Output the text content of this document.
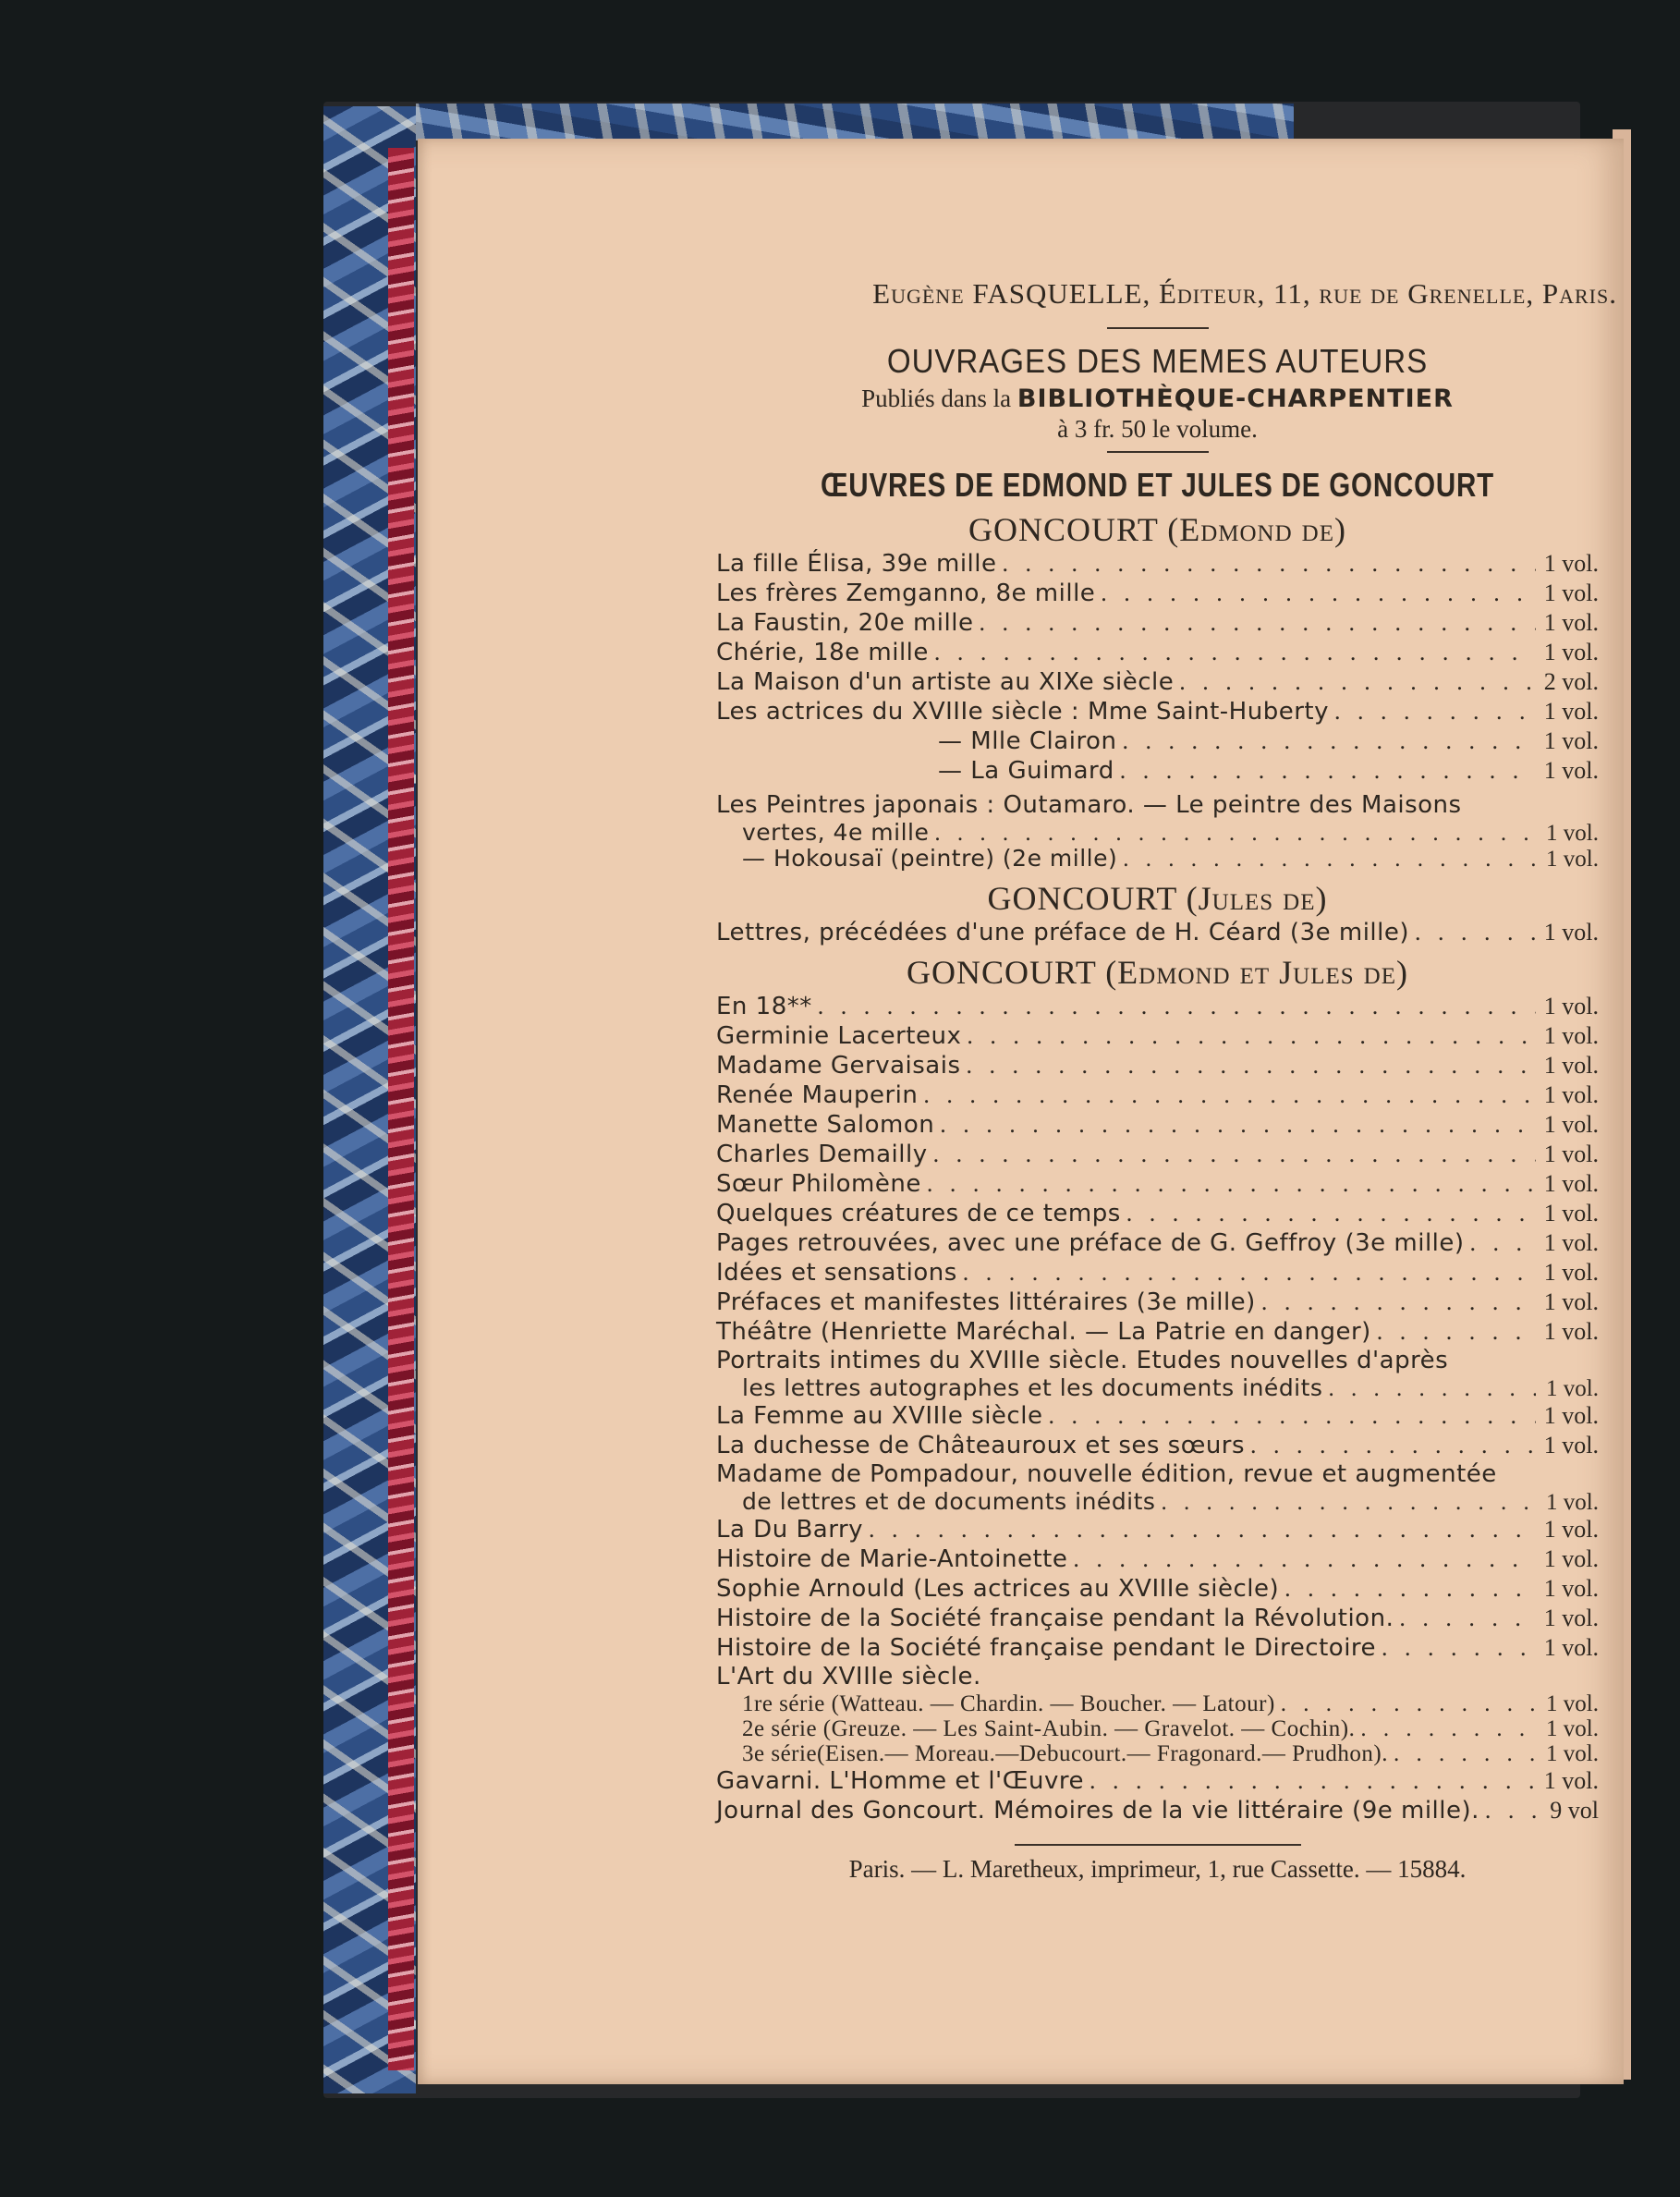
Eugène FASQUELLE, Éditeur, 11, rue de Grenelle, Paris.
OUVRAGES DES MEMES AUTEURS
Publiés dans la BIBLIOTHÈQUE-CHARPENTIER
à 3 fr. 50 le volume.
ŒUVRES DE EDMOND ET JULES DE GONCOURT
GONCOURT (Edmond de)
La fille Élisa, 39e mille . . .	1 vol.
Les frères Zemganno, 8e mille . . .	1 vol.
La Faustin, 20e mille . . .	1 vol.
Chérie, 18e mille . . .	1 vol.
La Maison d'un artiste au XIXe siècle . . .	2 vol.
Les actrices du XVIIIe siècle : Mme Saint-Huberty . . .	1 vol.
— Mlle Clairon . . .	1 vol.
— La Guimard . . .	1 vol.
Les Peintres japonais : Outamaro. — Le peintre des Maisons
vertes, 4e mille . . .	1 vol.
— Hokousaï (peintre) (2e mille) . . .	1 vol.
GONCOURT (Jules de)
Lettres, précédées d'une préface de H. Céard (3e mille) . . .	1 vol.
GONCOURT (Edmond et Jules de)
En 18** . . .	1 vol.
Germinie Lacerteux . . .	1 vol.
Madame Gervaisais . . .	1 vol.
Renée Mauperin . . .	1 vol.
Manette Salomon . . .	1 vol.
Charles Demailly . . .	1 vol.
Sœur Philomène . . .	1 vol.
Quelques créatures de ce temps . . .	1 vol.
Pages retrouvées, avec une préface de G. Geffroy (3e mille) . . .	1 vol.
Idées et sensations . . .	1 vol.
Préfaces et manifestes littéraires (3e mille) . . .	1 vol.
Théâtre (Henriette Maréchal. — La Patrie en danger) . . .	1 vol.
Portraits intimes du XVIIIe siècle. Etudes nouvelles d'après
les lettres autographes et les documents inédits . . .	1 vol.
La Femme au XVIIIe siècle . . .	1 vol.
La duchesse de Châteauroux et ses sœurs . . .	1 vol.
Madame de Pompadour, nouvelle édition, revue et augmentée
de lettres et de documents inédits . . .	1 vol.
La Du Barry . . .	1 vol.
Histoire de Marie-Antoinette . . .	1 vol.
Sophie Arnould (Les actrices au XVIIIe siècle) . . .	1 vol.
Histoire de la Société française pendant la Révolution. . . .	1 vol.
Histoire de la Société française pendant le Directoire . . .	1 vol.
L'Art du XVIIIe siècle.
1re série (Watteau. — Chardin. — Boucher. — Latour) . . .	1 vol.
2e série (Greuze. — Les Saint-Aubin. — Gravelot. — Cochin). . . .	1 vol.
3e série(Eisen.— Moreau.—Debucourt.— Fragonard.— Prudhon). . . .	1 vol.
Gavarni. L'Homme et l'Œuvre . . .	1 vol.
Journal des Goncourt. Mémoires de la vie littéraire (9e mille). . . .	9 vol
Paris. — L. Maretheux, imprimeur, 1, rue Cassette. — 15884.
